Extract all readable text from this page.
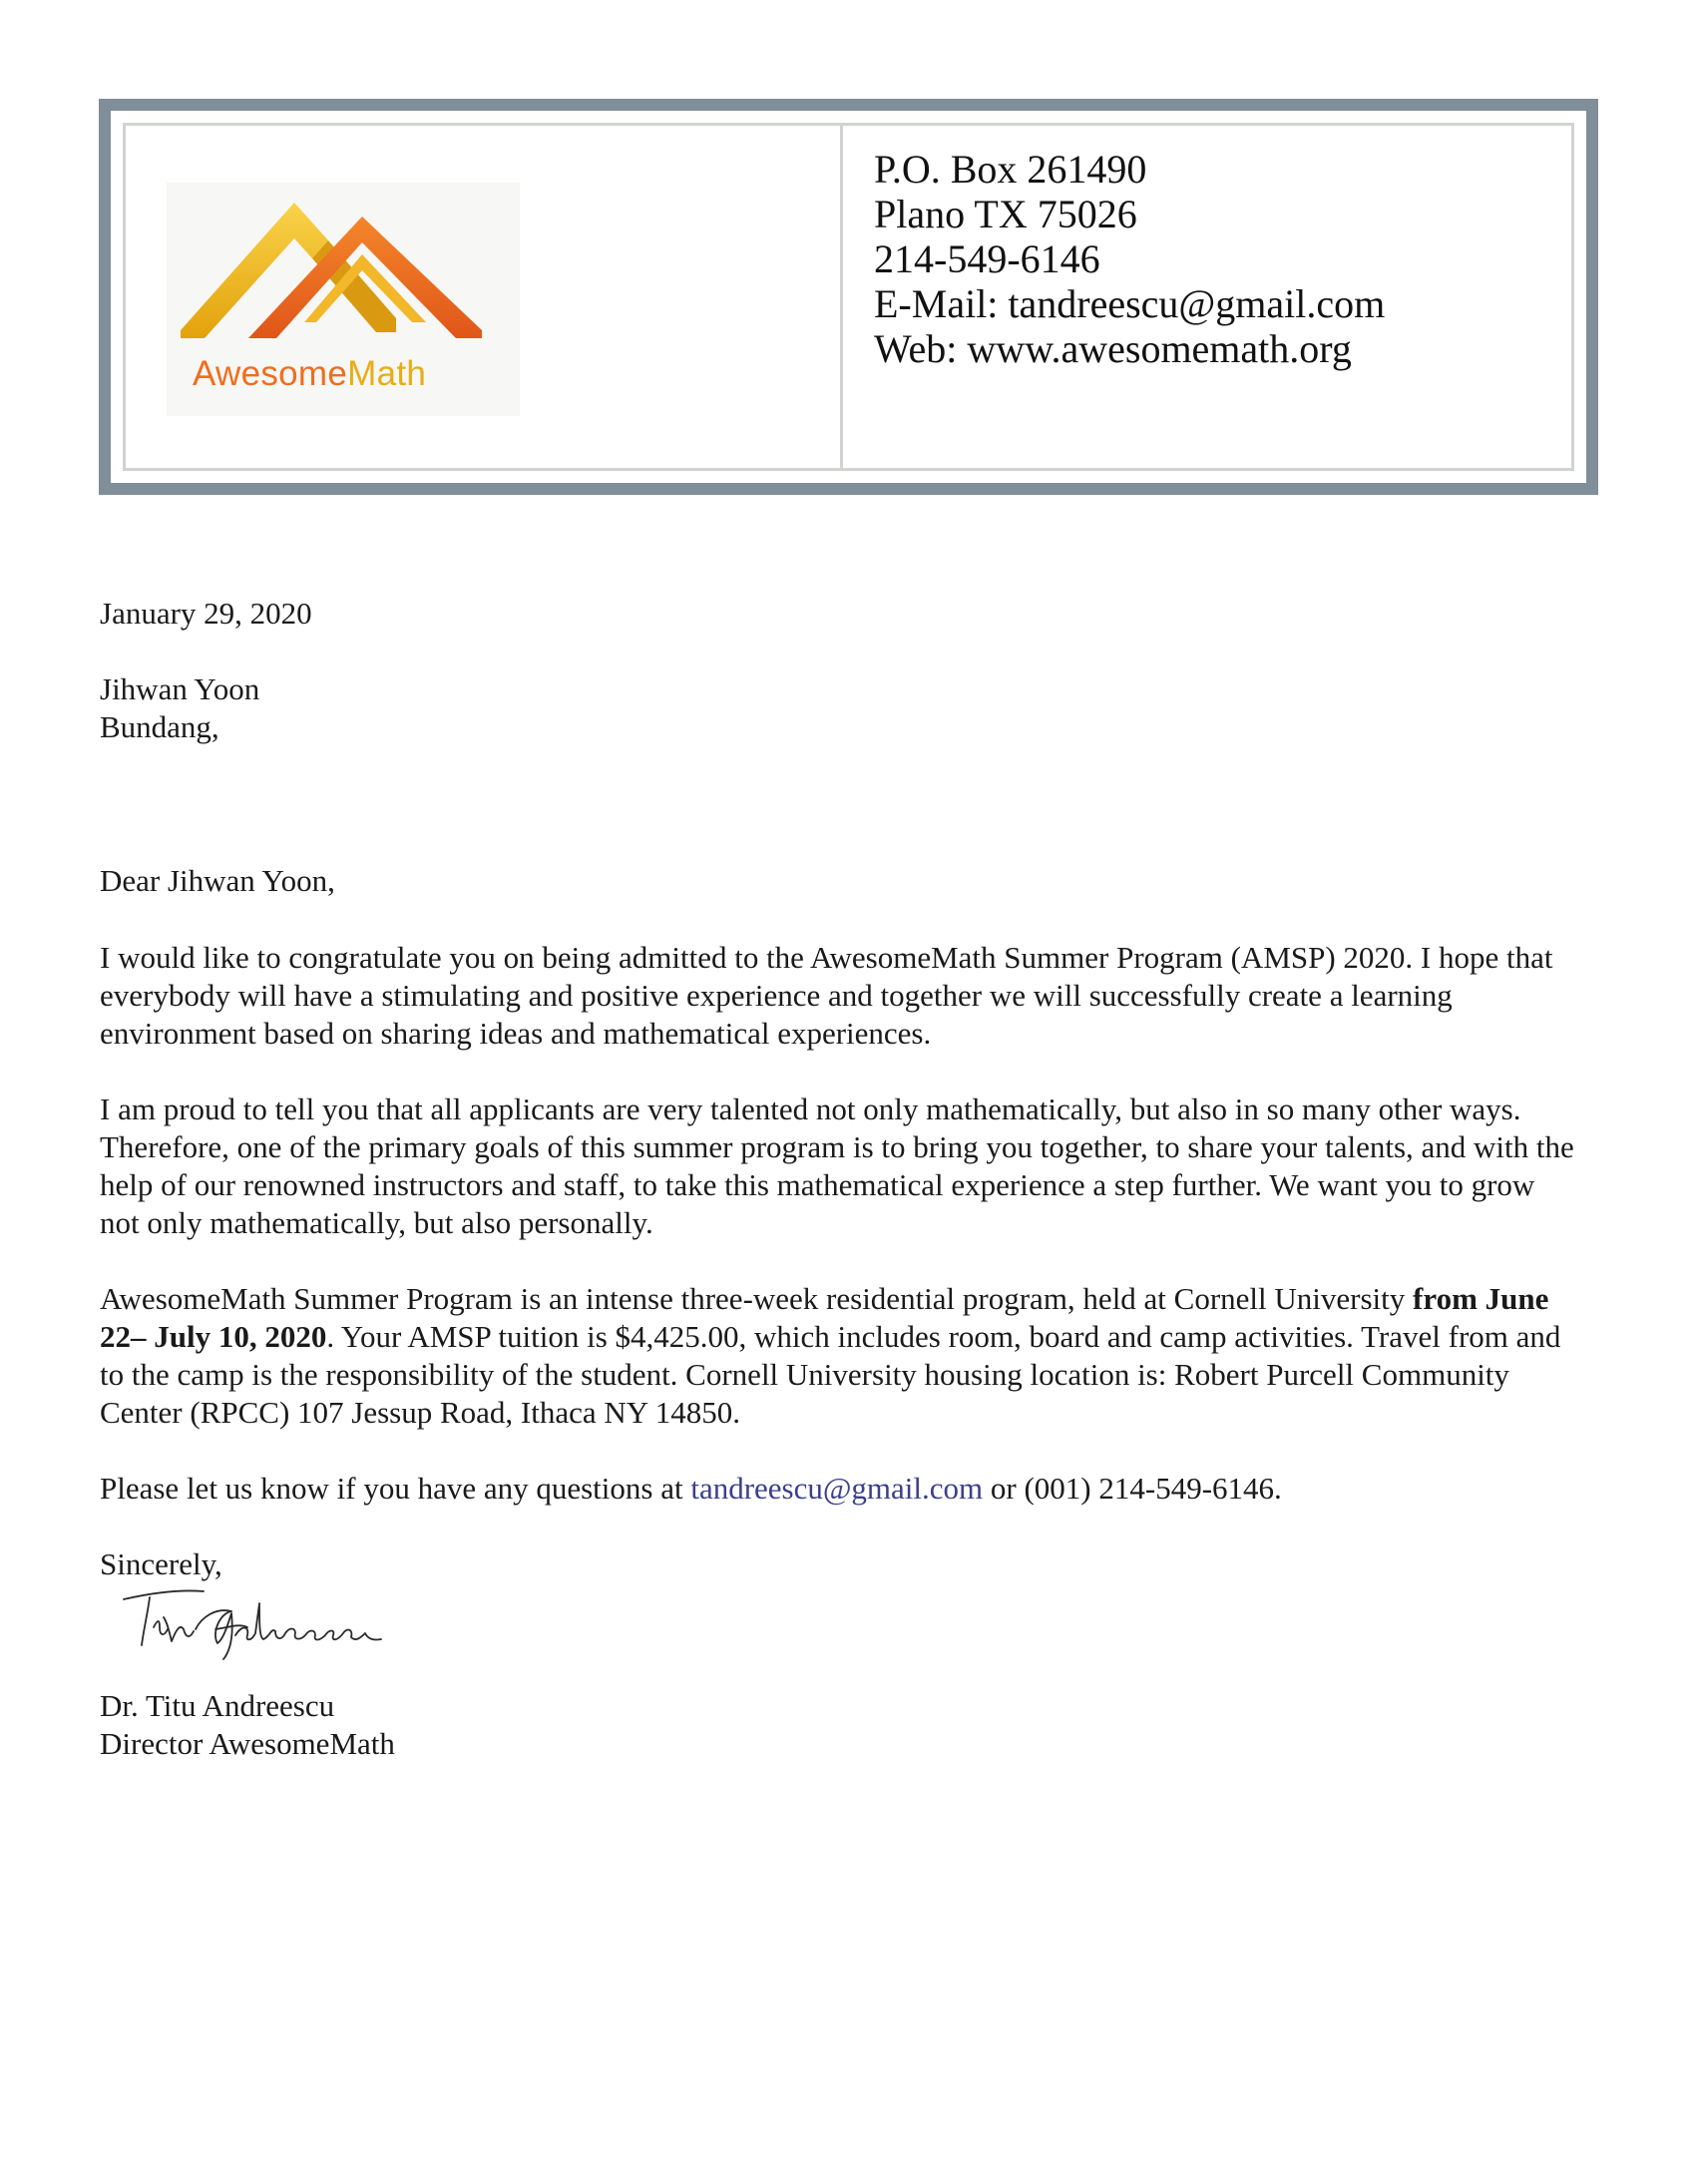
AwesomeMath
P.O. Box 261490
Plano TX 75026
214-549-6146
E-Mail: tandreescu@gmail.com
Web: www.awesomemath.org

January 29, 2020

Jihwan Yoon

Bundang,

Dear Jihwan Yoon,

I would like to congratulate you on being admitted to the AwesomeMath Summer Program (AMSP) 2020. I hope that everybody will have a stimulating and positive experience and together we will successfully create a learning environment based on sharing ideas and mathematical experiences.

I am proud to tell you that all applicants are very talented not only mathematically, but also in so many other ways. Therefore, one of the primary goals of this summer program is to bring you together, to share your talents, and with the help of our renowned instructors and staff, to take this mathematical experience a step further. We want you to grow not only mathematically, but also personally.

AwesomeMath Summer Program is an intense three-week residential program, held at Cornell University from June 22– July 10, 2020. Your AMSP tuition is $4,425.00, which includes room, board and camp activities. Travel from and to the camp is the responsibility of the student. Cornell University housing location is: Robert Purcell Community Center (RPCC) 107 Jessup Road, Ithaca NY 14850.

Please let us know if you have any questions at tandreescu@gmail.com or (001) 214-549-6146.

Sincerely,

Dr. Titu Andreescu

Director AwesomeMath
